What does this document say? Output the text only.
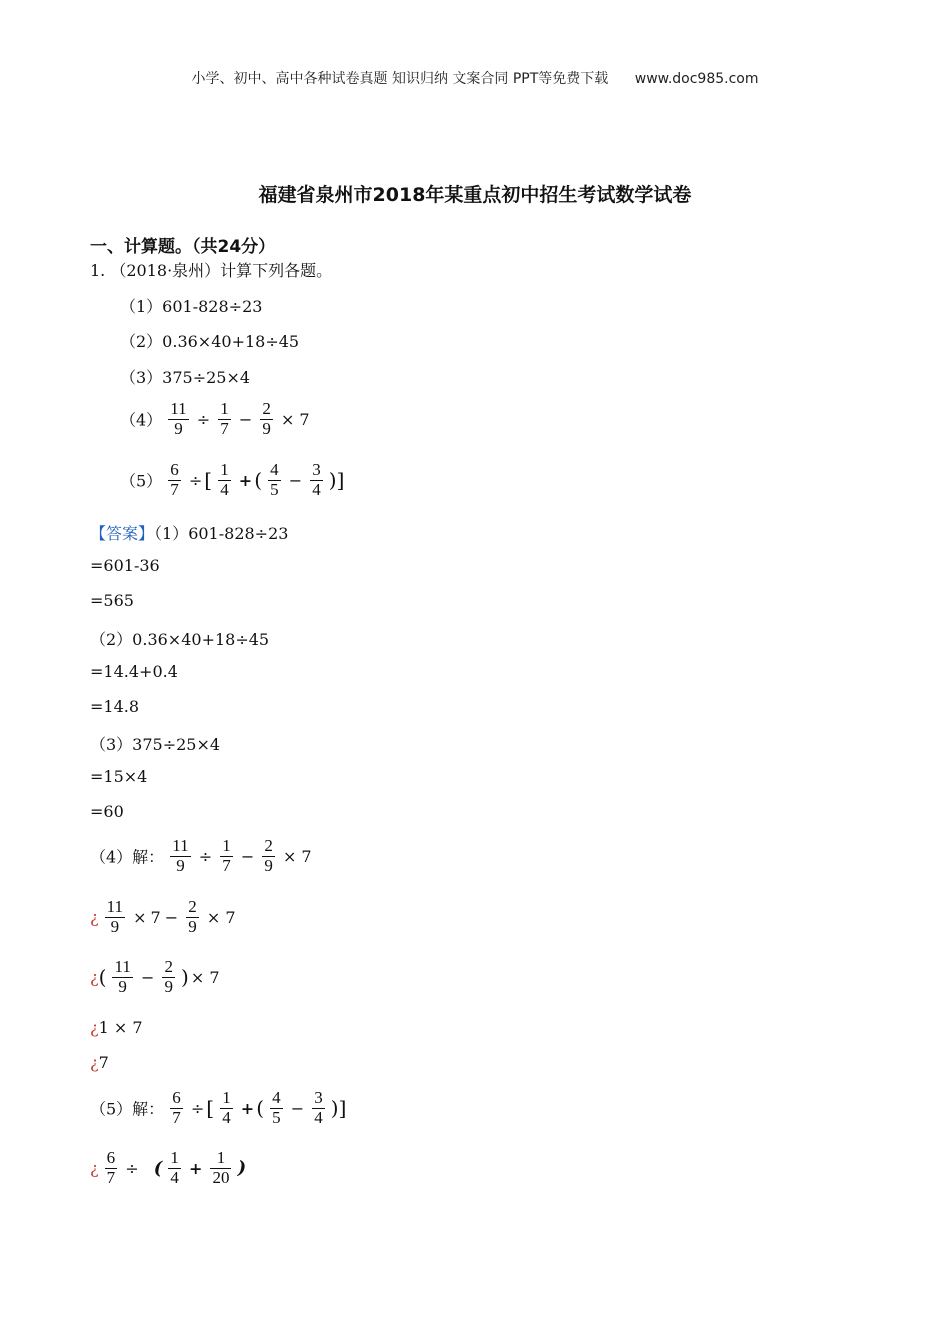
小学、初中、高中各种试卷真题 知识归纳 文案合同 PPT等免费下载 www.doc985.com
福建省泉州市2018年某重点初中招生考试数学试卷
一、计算题。（共24分）
1. （2018·泉州）计算下列各题。
（1）601-828÷23
（2）0.36×40+18÷45
（3）375÷25×4
$(4) \frac{11}{9} \div \frac{1}{7} - \frac{2}{9} \times 7$
$(5) \frac{6}{7}$ ÷ [ $\frac{1}{4}$ + ( $\frac{4}{5} - \frac{3}{4}$ )]
【答案】（1）601-828÷23
=601-36
=565
（2）0.36×40+18÷45
=14.4+0.4
=14.8
（3）375÷25×4
=15×4
=60
（4）解： $\frac{11}{9} \div \frac{1}{7} - \frac{2}{9} \times 7$
¿ $\frac{11}{9} \times 7 - \frac{2}{9} \times 7$
¿( $\frac{11}{9} - \frac{2}{9}$ ) × 7
¿1 × 7
¿7
（5）解： $\frac{6}{7}$ ÷ [ $\frac{1}{4}$ + ( $\frac{4}{5} - \frac{3}{4}$ )]
¿ $\frac{6}{7}$ ÷ ( $\frac{1}{4} + \frac{1}{20}$ )
